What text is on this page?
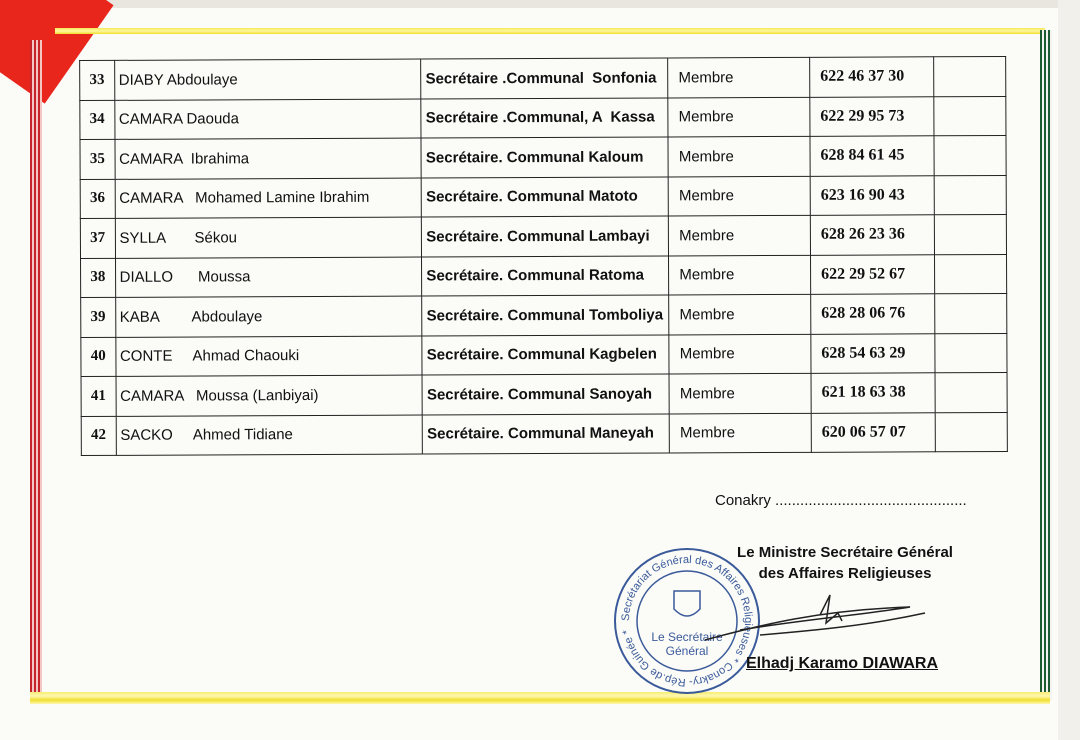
33	DIABY Abdoulaye	Secrétaire .Communal  Sonfonia	Membre	622 46 37 30	
34	CAMARA Daouda	Secrétaire .Communal, A  Kassa	Membre	622 29 95 73	
35	CAMARA  Ibrahima	Secrétaire. Communal Kaloum	Membre	628 84 61 45	
36	CAMARA   Mohamed Lamine Ibrahim	Secrétaire. Communal Matoto	Membre	623 16 90 43	
37	SYLLA       Sékou	Secrétaire. Communal Lambayi	Membre	628 26 23 36	
38	DIALLO      Moussa	Secrétaire. Communal Ratoma	Membre	622 29 52 67	
39	KABA        Abdoulaye	Secrétaire. Communal Tomboliya	Membre	628 28 06 76	
40	CONTE     Ahmad Chaouki	Secrétaire. Communal Kagbelen	Membre	628 54 63 29	
41	CAMARA   Moussa (Lanbiyai)	Secrétaire. Communal Sanoyah	Membre	621 18 63 38	
42	SACKO     Ahmed Tidiane	Secrétaire. Communal Maneyah	Membre	620 06 57 07	
Conakry ..............................................
Le Ministre Secrétaire Général
des Affaires Religieuses
Secrétariat Général des Affaires Religieuses * Conakry- Rép.de Guinée *	Le Secrétaire
Général
Elhadj Karamo DIAWARA
